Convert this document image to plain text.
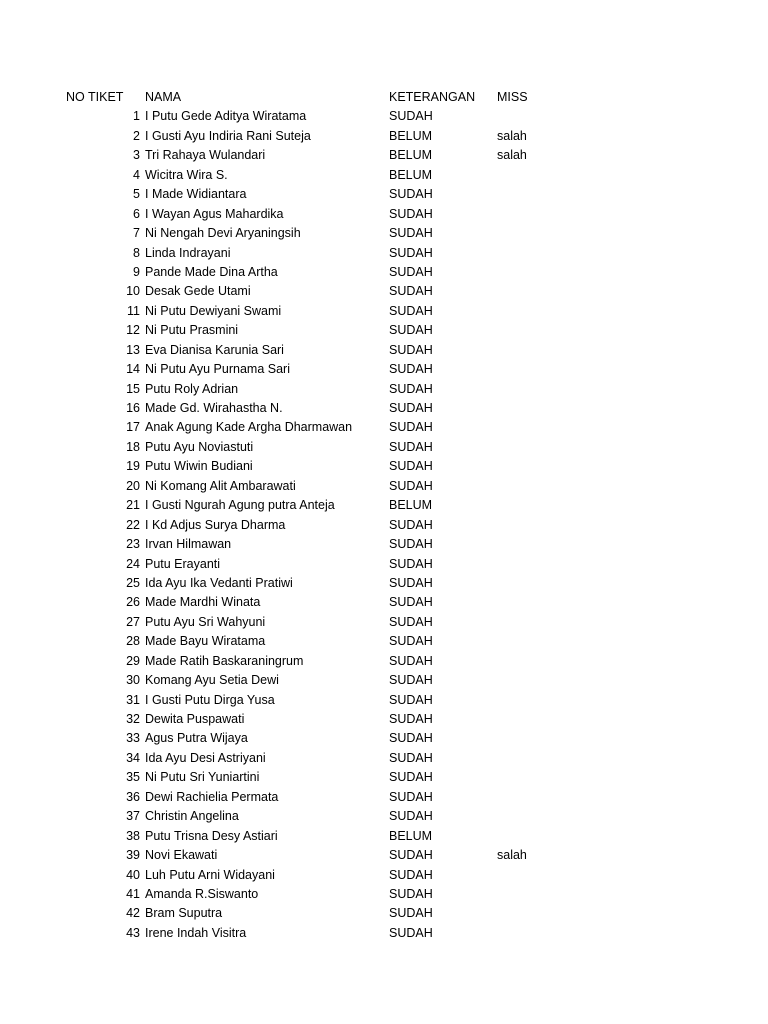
NO TIKET NAMA	KETERANGAN MISS
1 I Putu Gede Aditya Wiratama	SUDAH
2 I Gusti Ayu Indiria Rani Suteja	BELUM	salah
3 Tri Rahaya Wulandari	BELUM	salah
4 Wicitra Wira S.	BELUM
5 I Made Widiantara	SUDAH
6 I Wayan Agus Mahardika	SUDAH
7 Ni Nengah Devi Aryaningsih	SUDAH
8 Linda Indrayani	SUDAH
9 Pande Made Dina Artha	SUDAH
10 Desak Gede Utami	SUDAH
11 Ni Putu Dewiyani Swami	SUDAH
12 Ni Putu Prasmini	SUDAH
13 Eva Dianisa Karunia Sari	SUDAH
14 Ni Putu Ayu Purnama Sari	SUDAH
15 Putu Roly Adrian	SUDAH
16 Made Gd. Wirahastha N.	SUDAH
17 Anak Agung Kade Argha Dharmawan	SUDAH
18 Putu Ayu Noviastuti	SUDAH
19 Putu Wiwin Budiani	SUDAH
20 Ni Komang Alit Ambarawati	SUDAH
21 I Gusti Ngurah Agung putra Anteja	BELUM
22 I Kd Adjus Surya Dharma	SUDAH
23 Irvan Hilmawan	SUDAH
24 Putu Erayanti	SUDAH
25 Ida Ayu Ika Vedanti Pratiwi	SUDAH
26 Made Mardhi Winata	SUDAH
27 Putu Ayu Sri Wahyuni	SUDAH
28 Made Bayu Wiratama	SUDAH
29 Made Ratih Baskaraningrum	SUDAH
30 Komang Ayu Setia Dewi	SUDAH
31 I Gusti Putu Dirga Yusa	SUDAH
32 Dewita Puspawati	SUDAH
33 Agus Putra Wijaya	SUDAH
34 Ida Ayu Desi Astriyani	SUDAH
35 Ni Putu Sri Yuniartini	SUDAH
36 Dewi Rachielia Permata	SUDAH
37 Christin Angelina	SUDAH
38 Putu Trisna Desy Astiari	BELUM
39 Novi Ekawati	SUDAH	salah
40 Luh Putu Arni Widayani	SUDAH
41 Amanda R.Siswanto	SUDAH
42 Bram Suputra	SUDAH
43 Irene Indah Visitra	SUDAH
